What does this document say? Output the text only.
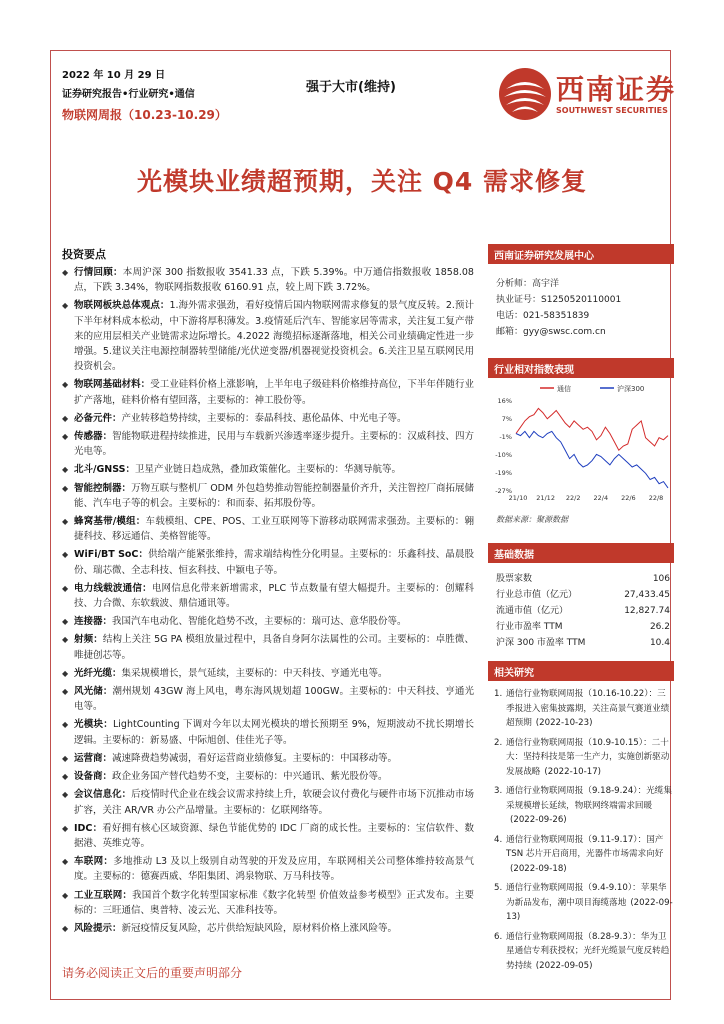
2022 年 10 月 29 日
证券研究报告•行业研究•通信
物联网周报（10.23-10.29）
强于大市(维持)	西南证券
SOUTHWEST SECURITIES
光模块业绩超预期，关注 Q4 需求修复
投资要点
◆ 行情回顾：本周沪深 300 指数报收 3541.33 点，下跌 5.39%。中万通信指数报收 1858.08 点，下跌 3.34%，物联网指数报收 6160.91 点，较上周下跌 3.72%。
◆ 物联网板块总体观点：1.海外需求强劲，看好疫情后国内物联网需求修复的景气度反转。2.预计下半年材料成本松动，中下游将厚积薄发。3.疫情延后汽车、智能家居等需求，关注复工复产带来的应用层相关产业链需求边际增长。4.2022 海缆招标逐渐落地，相关公司业绩确定性进一步增强。5.建议关注电源控制器转型储能/光伏逆变器/机器视觉投资机会。6.关注卫星互联网民用投资机会。
◆ 物联网基础材料：受工业硅料价格上涨影响，上半年电子级硅料价格维持高位，下半年伴随行业扩产落地，硅料价格有望回落，主要标的：神工股份等。
◆ 必备元件：产业转移趋势持续，主要标的：泰晶科技、惠伦晶体、中光电子等。
◆ 传感器：智能物联进程持续推进，民用与车载新兴渗透率逐步提升。主要标的：汉威科技、四方光电等。
◆ 北斗/GNSS：卫星产业链日趋成熟，叠加政策催化。主要标的：华测导航等。
◆ 智能控制器：万物互联与整机厂 ODM 外包趋势推动智能控制器量价齐升，关注智控厂商拓展储能、汽车电子等的机会。主要标的：和而泰、拓邦股份等。
◆ 蜂窝基带/模组：车载模组、CPE、POS、工业互联网等下游移动联网需求强劲。主要标的：翱捷科技、移远通信、美格智能等。
◆ WiFi/BT SoC：供给端产能紧张维持，需求端结构性分化明显。主要标的：乐鑫科技、晶晨股份、瑞芯微、全志科技、恒玄科技、中颖电子等。
◆ 电力线载波通信：电网信息化带来新增需求，PLC 节点数量有望大幅提升。主要标的：创耀科技、力合微、东软载波、鼎信通讯等。
◆ 连接器：我国汽车电动化、智能化趋势不改，主要标的：瑞可达、意华股份等。
◆ 射频：结构上关注 5G PA 模组放量过程中，具备自身阿尔法属性的公司。主要标的：卓胜微、唯捷创芯等。
◆ 光纤光缆：集采规模增长，景气延续，主要标的：中天科技、亨通光电等。
◆ 风光储：潮州规划 43GW 海上风电，粤东海风规划超 100GW。主要标的：中天科技、亨通光电等。
◆ 光模块：LightCounting 下调对今年以太网光模块的增长预期至 9%，短期波动不扰长期增长逻辑。主要标的：新易盛、中际旭创、佳佳光子等。
◆ 运营商：减速降费趋势减弱，看好运营商业绩修复。主要标的：中国移动等。
◆ 设备商：政企业务国产替代趋势不变，主要标的：中兴通讯、紫光股份等。
◆ 会议信息化：后疫情时代企业在线会议需求持续上升，软硬会议付费化与硬件市场下沉推动市场扩容，关注 AR/VR 办公产品增量。主要标的：亿联网络等。
◆ IDC：看好拥有核心区域资源、绿色节能优势的 IDC 厂商的成长性。主要标的：宝信软件、数据港、英维克等。
◆ 车联网：多地推动 L3 及以上级别自动驾驶的开发及应用，车联网相关公司整体维持较高景气度。主要标的：德赛西威、华阳集团、鸿泉物联、万马科技等。
◆ 工业互联网：我国首个数字化转型国家标准《数字化转型 价值效益参考模型》正式发布。主要标的：三旺通信、奥普特、凌云光、天准科技等。
◆ 风险提示：新冠疫情反复风险，芯片供给短缺风险，原材料价格上涨风险等。
西南证券研究发展中心
分析师：高宇洋
执业证号：S1250520110001
电话：021-58351839
邮箱：gyy@swsc.com.cn
行业相对指数表现
16%
7%
-1%
-10%
-19%
-27%
21/10 21/12 22/2 22/4 22/6 22/8
通信	沪深300
数据来源：聚源数据
基础数据
股票家数	106
行业总市值（亿元）	27,433.45
流通市值（亿元）	12,827.74
行业市盈率 TTM	26.2
沪深 300 市盈率 TTM	10.4
相关研究
1. 通信行业物联网周报（10.16-10.22）：三季报进入密集披露期，关注高景气赛道业绩超预期 (2022-10-23)
2. 通信行业物联网周报（10.9-10.15）：二十大：坚持科技是第一生产力，实施创新驱动发展战略 (2022-10-17)
3. 通信行业物联网周报（9.18-9.24）：光缆集采规模增长延续，物联网终端需求回暖(2022-09-26)
4. 通信行业物联网周报（9.11-9.17）：国产 TSN 芯片开启商用，光器件市场需求向好(2022-09-18)
5. 通信行业物联网周报（9.4-9.10）：苹果华为新品发布，潮中项目海缆落地 (2022-09-13)
6. 通信行业物联网周报（8.28-9.3）：华为卫星通信专利获授权；光纤光缆景气度反转趋势持续 (2022-09-05)
请务必阅读正文后的重要声明部分
